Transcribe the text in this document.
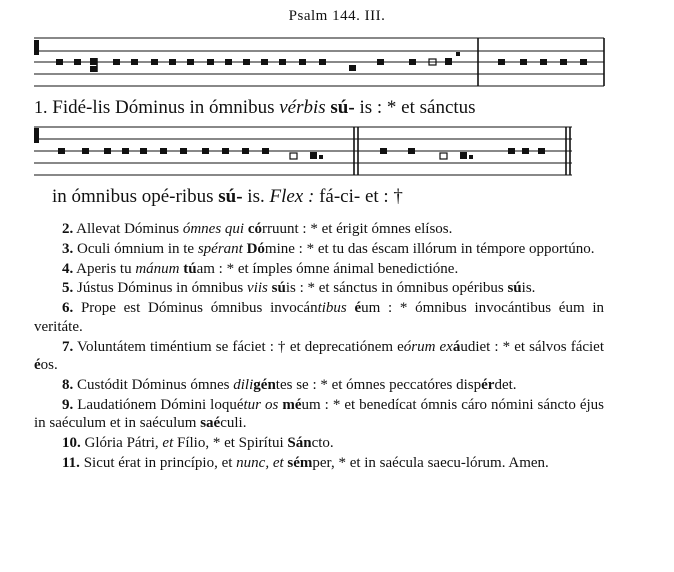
Psalm 144. III.
1. Fidé-lis Dóminus in ómnibus vérbis sú- is : * et sánctus
in ómnibus opé-ribus sú- is. Flex : fá-ci- et : †

2. Allevat Dóminus ómnes qui córruunt : * et érigit ómnes elísos.

3. Oculi ómnium in te spérant Dómine : * et tu das éscam illórum in témpore opportúno.

4. Aperis tu mánum túam : * et ímples ómne ánimal benedictióne.

5. Jústus Dóminus in ómnibus viis súis : * et sánctus in ómnibus opéribus súis.

6. Prope est Dóminus ómnibus invocántibus éum : * ómnibus invocántibus éum in veritáte.

7. Voluntátem timéntium se fáciet : † et deprecatiónem eórum exáudiet : * et sálvos fáciet éos.

8. Custódit Dóminus ómnes diligéntes se : * et ómnes peccatóres dispérdet.

9. Laudatiónem Dómini loquétur os méum : * et benedícat ómnis cáro nómini sáncto éjus in saéculum et in saéculum saéculi.

10. Glória Pátri, et Fílio, * et Spirítui Sáncto.

11. Sicut érat in princípio, et nunc, et sémper, * et in saécula saecu-lórum. Amen.
